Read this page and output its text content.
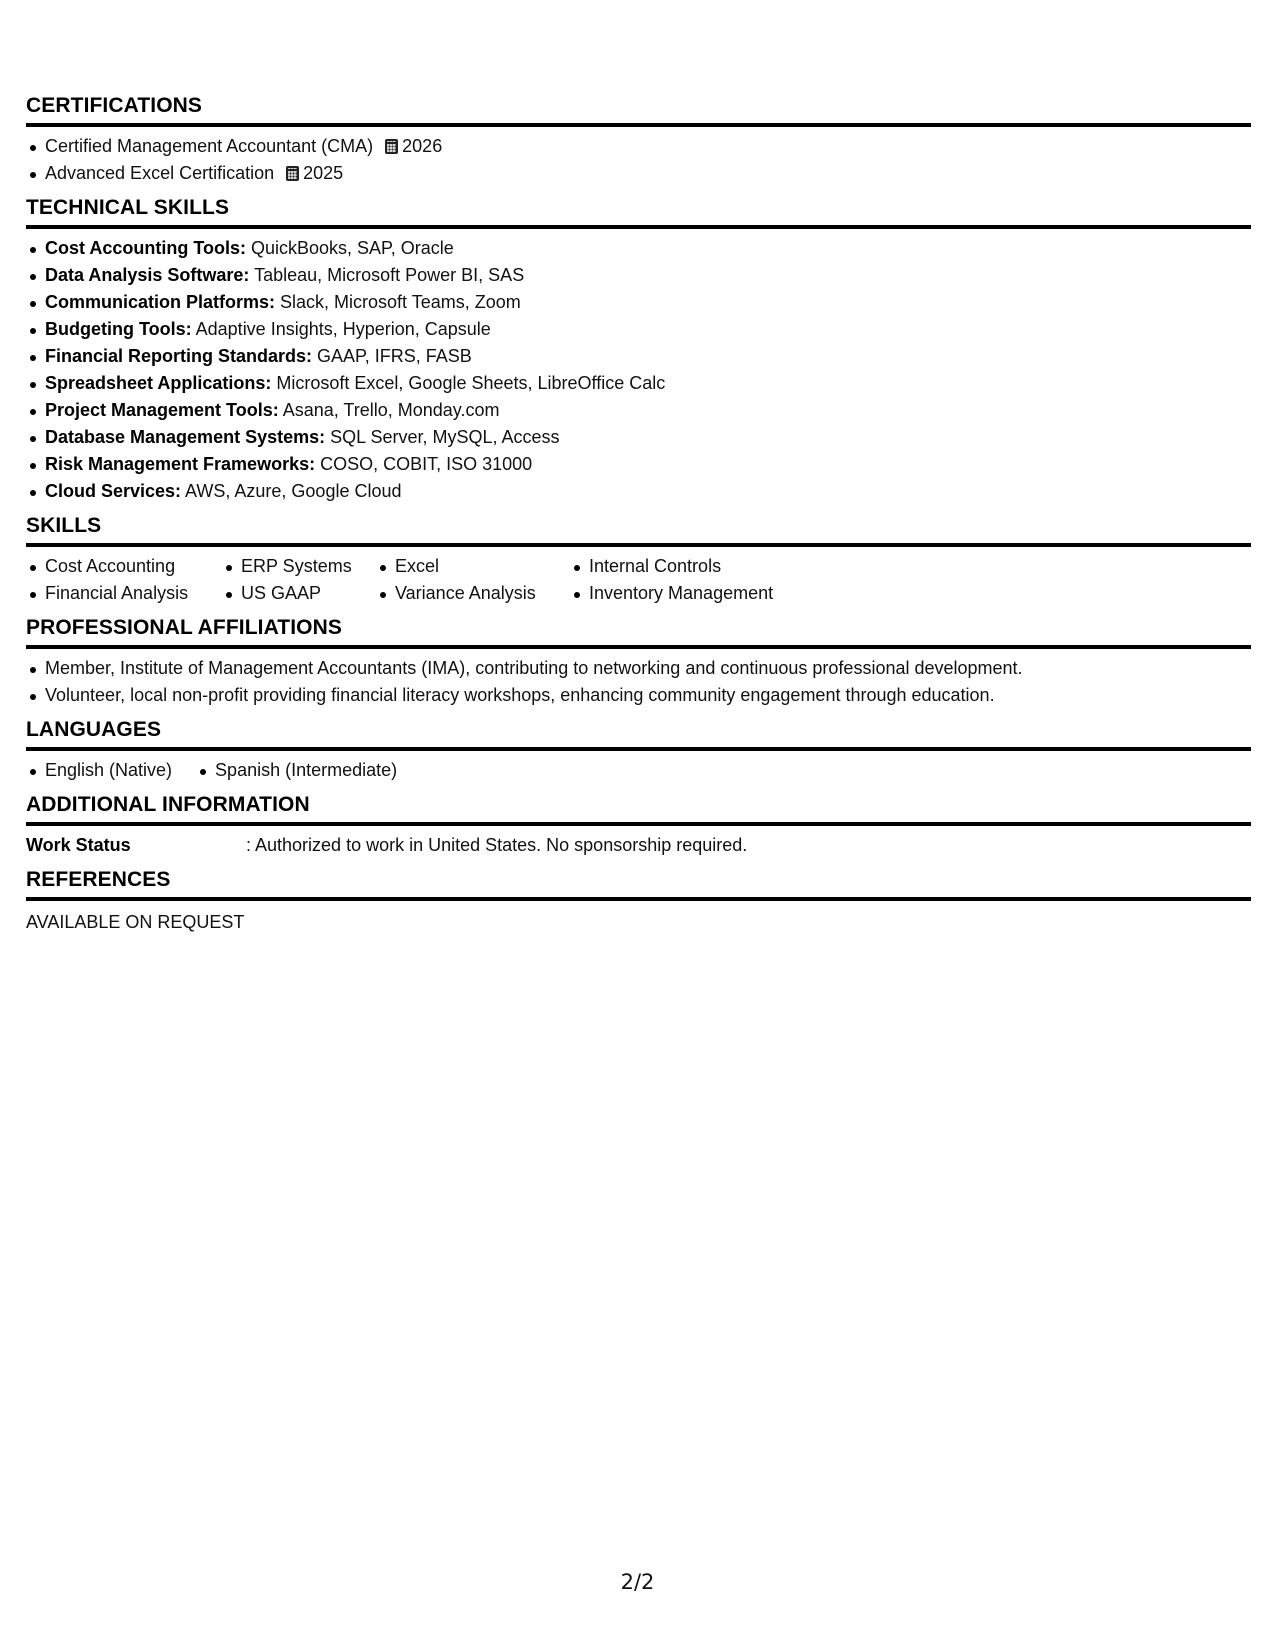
CERTIFICATIONS
Certified Management Accountant (CMA) 2026
Advanced Excel Certification 2025
TECHNICAL SKILLS
Cost Accounting Tools: QuickBooks, SAP, Oracle
Data Analysis Software: Tableau, Microsoft Power BI, SAS
Communication Platforms: Slack, Microsoft Teams, Zoom
Budgeting Tools: Adaptive Insights, Hyperion, Capsule
Financial Reporting Standards: GAAP, IFRS, FASB
Spreadsheet Applications: Microsoft Excel, Google Sheets, LibreOffice Calc
Project Management Tools: Asana, Trello, Monday.com
Database Management Systems: SQL Server, MySQL, Access
Risk Management Frameworks: COSO, COBIT, ISO 31000
Cloud Services: AWS, Azure, Google Cloud
SKILLS
Cost Accounting
Financial Analysis
ERP Systems
US GAAP
Excel
Variance Analysis
Internal Controls
Inventory Management
PROFESSIONAL AFFILIATIONS
Member, Institute of Management Accountants (IMA), contributing to networking and continuous professional development.
Volunteer, local non-profit providing financial literacy workshops, enhancing community engagement through education.
LANGUAGES
English (Native)	Spanish (Intermediate)
ADDITIONAL INFORMATION
Work Status	: Authorized to work in United States. No sponsorship required.
REFERENCES
AVAILABLE ON REQUEST
2/2
